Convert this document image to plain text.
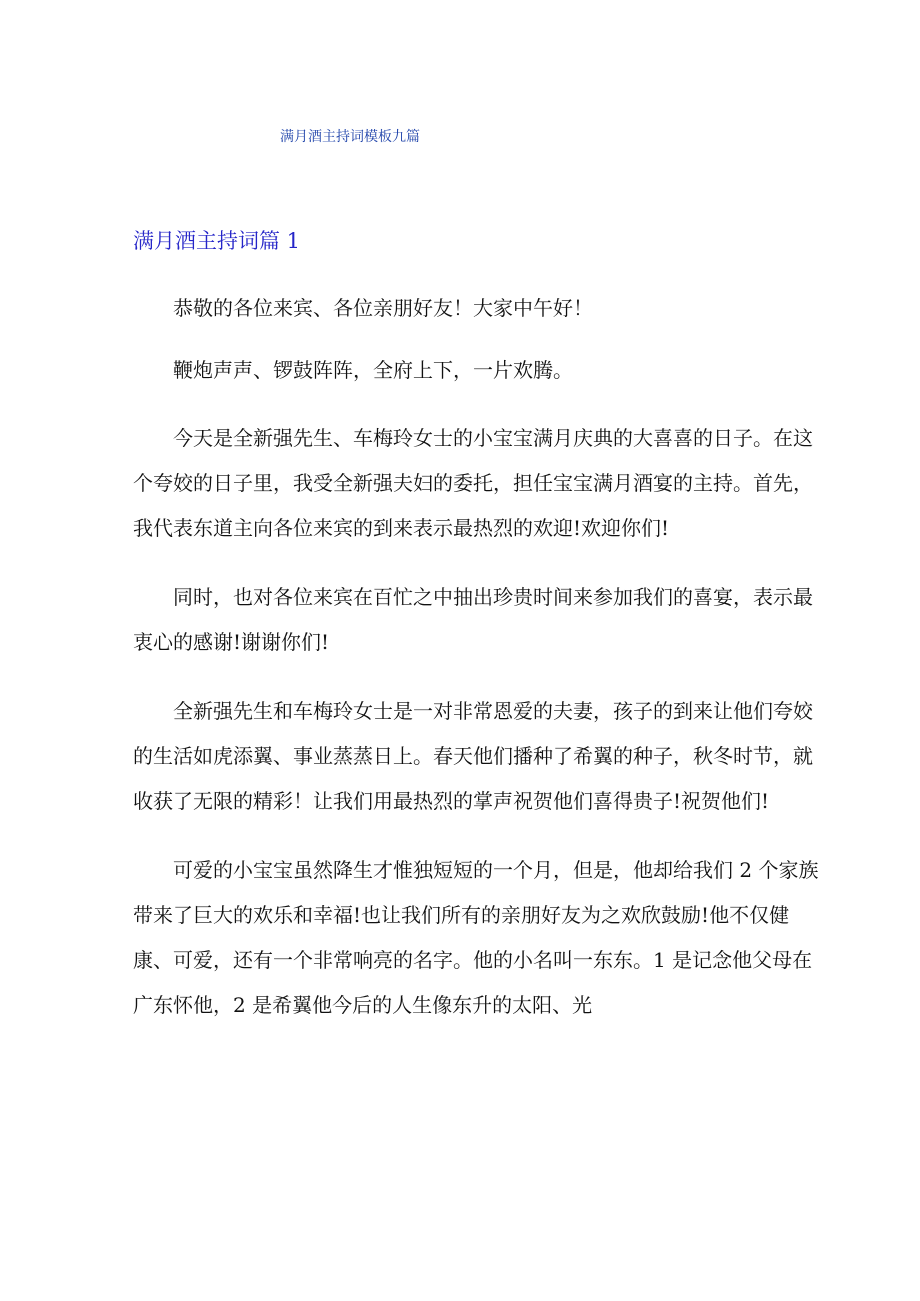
满月酒主持词模板九篇
满月酒主持词篇 1

恭敬的各位来宾、各位亲朋好友！大家中午好！

鞭炮声声、锣鼓阵阵，全府上下，一片欢腾。

今天是全新强先生、车梅玲女士的小宝宝满月庆典的大喜喜的日子。在这个夸姣的日子里，我受全新强夫妇的委托，担任宝宝满月酒宴的主持。首先，我代表东道主向各位来宾的到来表示最热烈的欢迎!欢迎你们!

同时，也对各位来宾在百忙之中抽出珍贵时间来参加我们的喜宴，表示最衷心的感谢!谢谢你们!

全新强先生和车梅玲女士是一对非常恩爱的夫妻，孩子的到来让他们夸姣的生活如虎添翼、事业蒸蒸日上。春天他们播种了希翼的种子，秋冬时节，就收获了无限的精彩！让我们用最热烈的掌声祝贺他们喜得贵子!祝贺他们!

可爱的小宝宝虽然降生才惟独短短的一个月，但是，他却给我们 2 个家族带来了巨大的欢乐和幸福!也让我们所有的亲朋好友为之欢欣鼓励!他不仅健康、可爱，还有一个非常响亮的名字。他的小名叫一东东。1 是记念他父母在广东怀他，2 是希翼他今后的人生像东升的太阳、光
